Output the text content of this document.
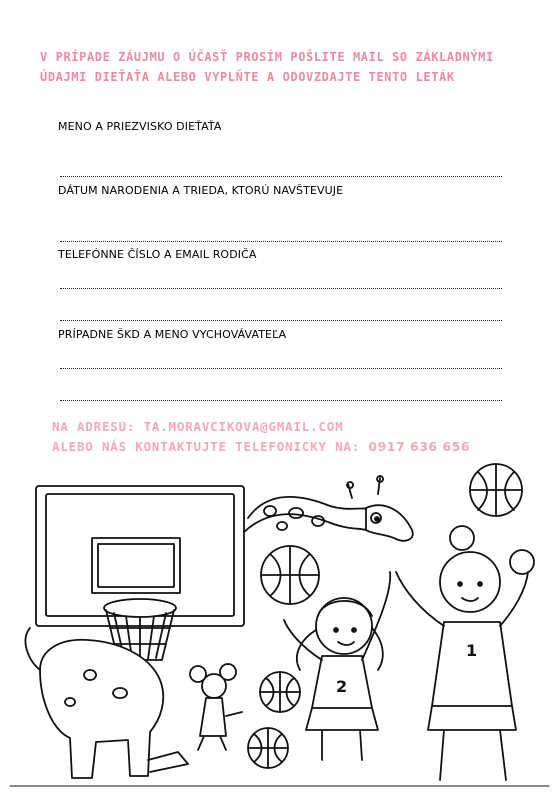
V PRÍPADE ZÁUJMU O ÚČASŤ PROSÍM POŠLITE MAIL SO ZÁKLADNÝMI
ÚDAJMI DIEŤAŤA ALEBO VYPLŇTE A ODOVZDAJTE TENTO LETÁK
MENO A PRIEZVISKO DIEŤAŤA
DÁTUM NARODENIA A TRIEDA, KTORÚ NAVŠTEVUJE
TELEFÓNNE ČÍSLO A EMAIL RODIČA
PRÍPADNE ŠKD A MENO VYCHOVÁVATEĽA
NA ADRESU: TA.MORAVCIKOVA@GMAIL.COM
ALEBO NÁS KONTAKTUJTE TELEFONICKY NA: 0917 636 656
2
1
